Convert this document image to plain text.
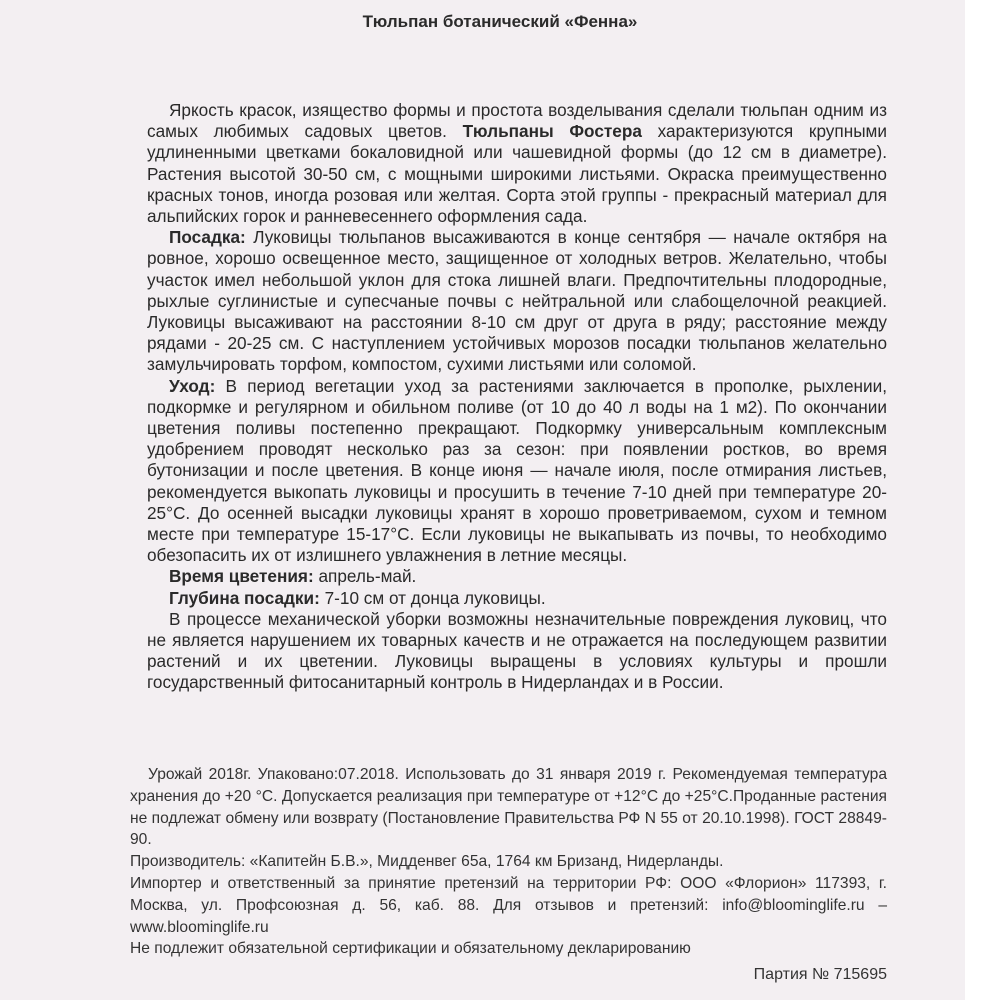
Тюльпан ботанический «Фенна»

Яркость красок, изящество формы и простота возделывания сделали тюльпан одним из самых любимых садовых цветов. Тюльпаны Фостера характеризуются крупными удлиненными цветками бокаловидной или чашевидной формы (до 12 см в диаметре). Растения высотой 30-50 см, с мощными широкими листьями. Окраска преимущественно красных тонов, иногда розовая или желтая. Сорта этой группы - прекрасный материал для альпийских горок и ранневесеннего оформления сада.

Посадка: Луковицы тюльпанов высаживаются в конце сентября — начале октября на ровное, хорошо освещенное место, защищенное от холодных ветров. Желательно, чтобы участок имел небольшой уклон для стока лишней влаги. Предпочтительны плодородные, рыхлые суглинистые и супесчаные почвы с нейтральной или слабощелочной реакцией. Луковицы высаживают на расстоянии 8-10 см друг от друга в ряду; расстояние между рядами - 20-25 см. С наступлением устойчивых морозов посадки тюльпанов желательно замульчировать торфом, компостом, сухими листьями или соломой.

Уход: В период вегетации уход за растениями заключается в прополке, рыхлении, подкормке и регулярном и обильном поливе (от 10 до 40 л воды на 1 м2). По окончании цветения поливы постепенно прекращают. Подкормку универсальным комплексным удобрением проводят несколько раз за сезон: при появлении ростков, во время бутонизации и после цветения. В конце июня — начале июля, после отмирания листьев, рекомендуется выкопать луковицы и просушить в течение 7-10 дней при температуре 20-25°С. До осенней высадки луковицы хранят в хорошо проветриваемом, сухом и темном месте при температуре 15-17°С. Если луковицы не выкапывать из почвы, то необходимо обезопасить их от излишнего увлажнения в летние месяцы.

Время цветения: апрель-май.

Глубина посадки: 7-10 см от донца луковицы.

В процессе механической уборки возможны незначительные повреждения луковиц, что не является нарушением их товарных качеств и не отражается на последующем развитии растений и их цветении. Луковицы выращены в условиях культуры и прошли государственный фитосанитарный контроль в Нидерландах и в России.

Урожай 2018г. Упаковано:07.2018. Использовать до 31 января 2019 г. Рекомендуемая температура хранения до +20 °С. Допускается реализация при температуре от +12°С до +25°С.Проданные растения не подлежат обмену или возврату (Постановление Правительства РФ N 55 от 20.10.1998). ГОСТ 28849-90.

Производитель: «Капитейн Б.В.», Мидденвег 65а, 1764 км Бризанд, Нидерланды.

Импортер и ответственный за принятие претензий на территории РФ: ООО «Флорион» 117393, г. Москва, ул. Профсоюзная д. 56, каб. 88. Для отзывов и претензий: info@bloominglife.ru – www.bloominglife.ru

Не подлежит обязательной сертификации и обязательному декларированию

Партия № 715695
